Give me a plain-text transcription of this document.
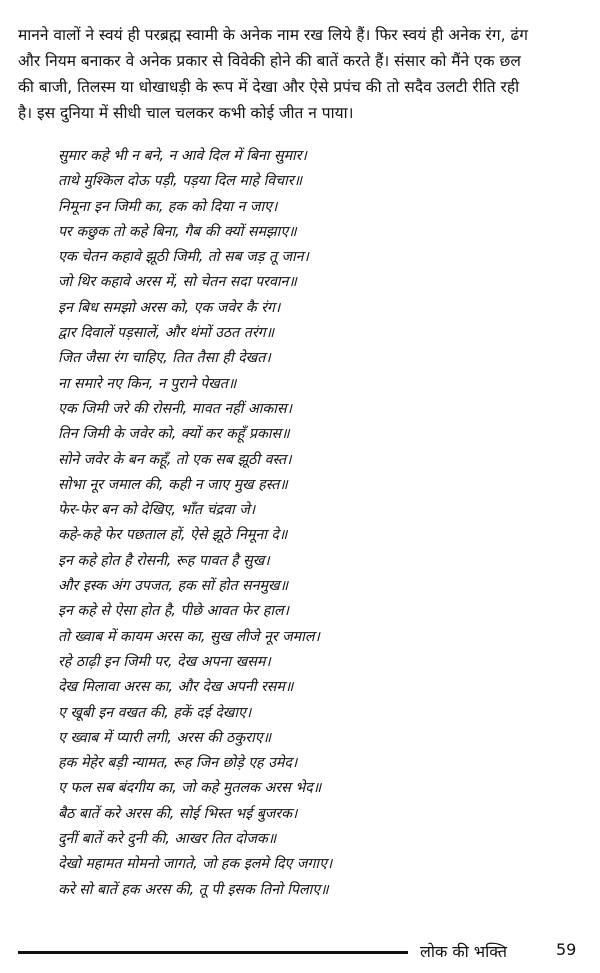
मानने वालों ने स्वयं ही परब्रह्म स्वामी के अनेक नाम रख लिये हैं। फिर स्वयं ही अनेक रंग, ढंग
और नियम बनाकर वे अनेक प्रकार से विवेकी होने की बातें करते हैं। संसार को मैंने एक छल
की बाजी, तिलस्म या धोखाधड़ी के रूप में देखा और ऐसे प्रपंच की तो सदैव उलटी रीति रही
है। इस दुनिया में सीधी चाल चलकर कभी कोई जीत न पाया।
सुमार कहे भी न बने, न आवे दिल में बिना सुमार।
ताथे मुश्किल दोऊ पड़ी, पड़या दिल माहे विचार॥
निमूना इन जिमी का, हक को दिया न जाए।
पर कछुक तो कहे बिना, गैब की क्यों समझाए॥
एक चेतन कहावे झूठी जिमी, तो सब जड़ तू जान।
जो थिर कहावे अरस में, सो चेतन सदा परवान॥
इन बिध समझो अरस को, एक जवेर कै रंग।
द्वार दिवालें पड़सालें, और थंमों उठत तरंग॥
जित जैसा रंग चाहिए, तित तैसा ही देखत।
ना समारे नए किन, न पुराने पेखत॥
एक जिमी जरे की रोसनी, मावत नहीं आकास।
तिन जिमी के जवेर को, क्यों कर कहूँ प्रकास॥
सोने जवेर के बन कहूँ, तो एक सब झूठी वस्त।
सोभा नूर जमाल की, कही न जाए मुख हस्त॥
फेर-फेर बन को देखिए, भाँत चंद्रवा जे।
कहे-कहे फेर पछताल हों, ऐसे झूठे निमूना दे॥
इन कहे होत है रोसनी, रूह पावत है सुख।
और इस्क अंग उपजत, हक सों होत सनमुख॥
इन कहे से ऐसा होत है, पीछे आवत फेर हाल।
तो ख्वाब में कायम अरस का, सुख लीजे नूर जमाल।
रहे ठाढ़ी इन जिमी पर, देख अपना खसम।
देख मिलावा अरस का, और देख अपनी रसम॥
ए खूबी इन वखत की, हकें दई देखाए।
ए ख्वाब में प्यारी लगी, अरस की ठकुराए॥
हक मेहेर बड़ी न्यामत, रूह जिन छोड़े एह उमेद।
ए फल सब बंदगीय का, जो कहे मुतलक अरस भेद॥
बैठ बातें करे अरस की, सोई भिस्त भई बुजरक।
दुनीं बातें करे दुनी की, आखर तित दोजक॥
देखो महामत मोमनो जागते, जो हक इलमे दिए जगाए।
करे सो बातें हक अरस की, तू पी इसक तिनो पिलाए॥
लोक की भक्ति	59
